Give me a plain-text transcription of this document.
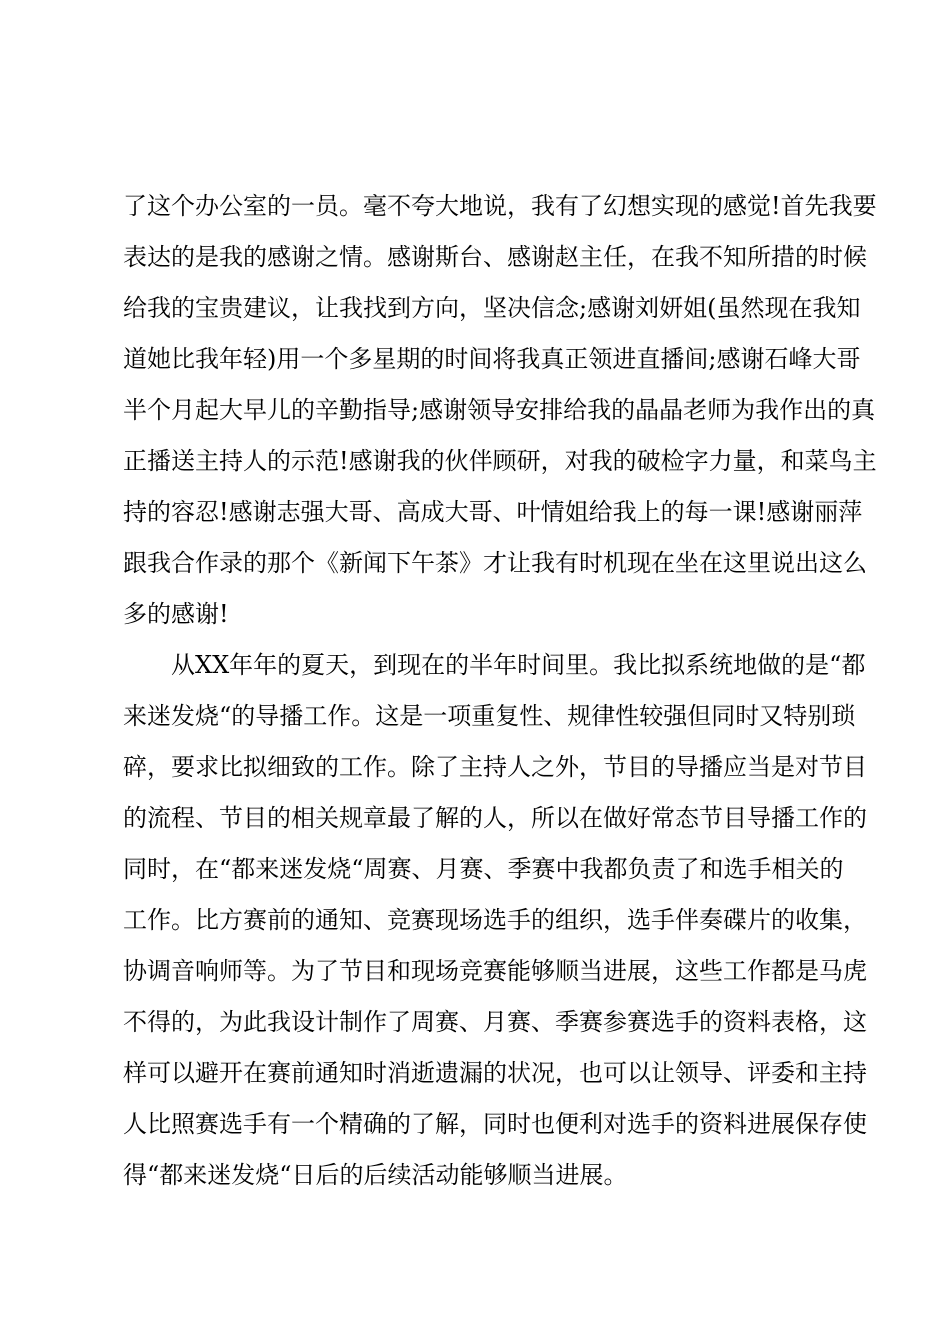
了这个办公室的一员。毫不夸大地说，我有了幻想实现的感觉!首先我要
表达的是我的感谢之情。感谢斯台、感谢赵主任，在我不知所措的时候
给我的宝贵建议，让我找到方向，坚决信念;感谢刘妍姐(虽然现在我知
道她比我年轻)用一个多星期的时间将我真正领进直播间;感谢石峰大哥
半个月起大早儿的辛勤指导;感谢领导安排给我的晶晶老师为我作出的真
正播送主持人的示范!感谢我的伙伴顾研，对我的破检字力量，和菜鸟主
持的容忍!感谢志强大哥、高成大哥、叶情姐给我上的每一课!感谢丽萍
跟我合作录的那个《新闻下午茶》才让我有时机现在坐在这里说出这么
多的感谢!
从XX年年的夏天，到现在的半年时间里。我比拟系统地做的是“都
来迷发烧“的导播工作。这是一项重复性、规律性较强但同时又特别琐
碎，要求比拟细致的工作。除了主持人之外，节目的导播应当是对节目
的流程、节目的相关规章最了解的人，所以在做好常态节目导播工作的
同时，在“都来迷发烧“周赛、月赛、季赛中我都负责了和选手相关的
工作。比方赛前的通知、竞赛现场选手的组织，选手伴奏碟片的收集，
协调音响师等。为了节目和现场竞赛能够顺当进展，这些工作都是马虎
不得的，为此我设计制作了周赛、月赛、季赛参赛选手的资料表格，这
样可以避开在赛前通知时消逝遗漏的状况，也可以让领导、评委和主持
人比照赛选手有一个精确的了解，同时也便利对选手的资料进展保存使
得“都来迷发烧“日后的后续活动能够顺当进展。
